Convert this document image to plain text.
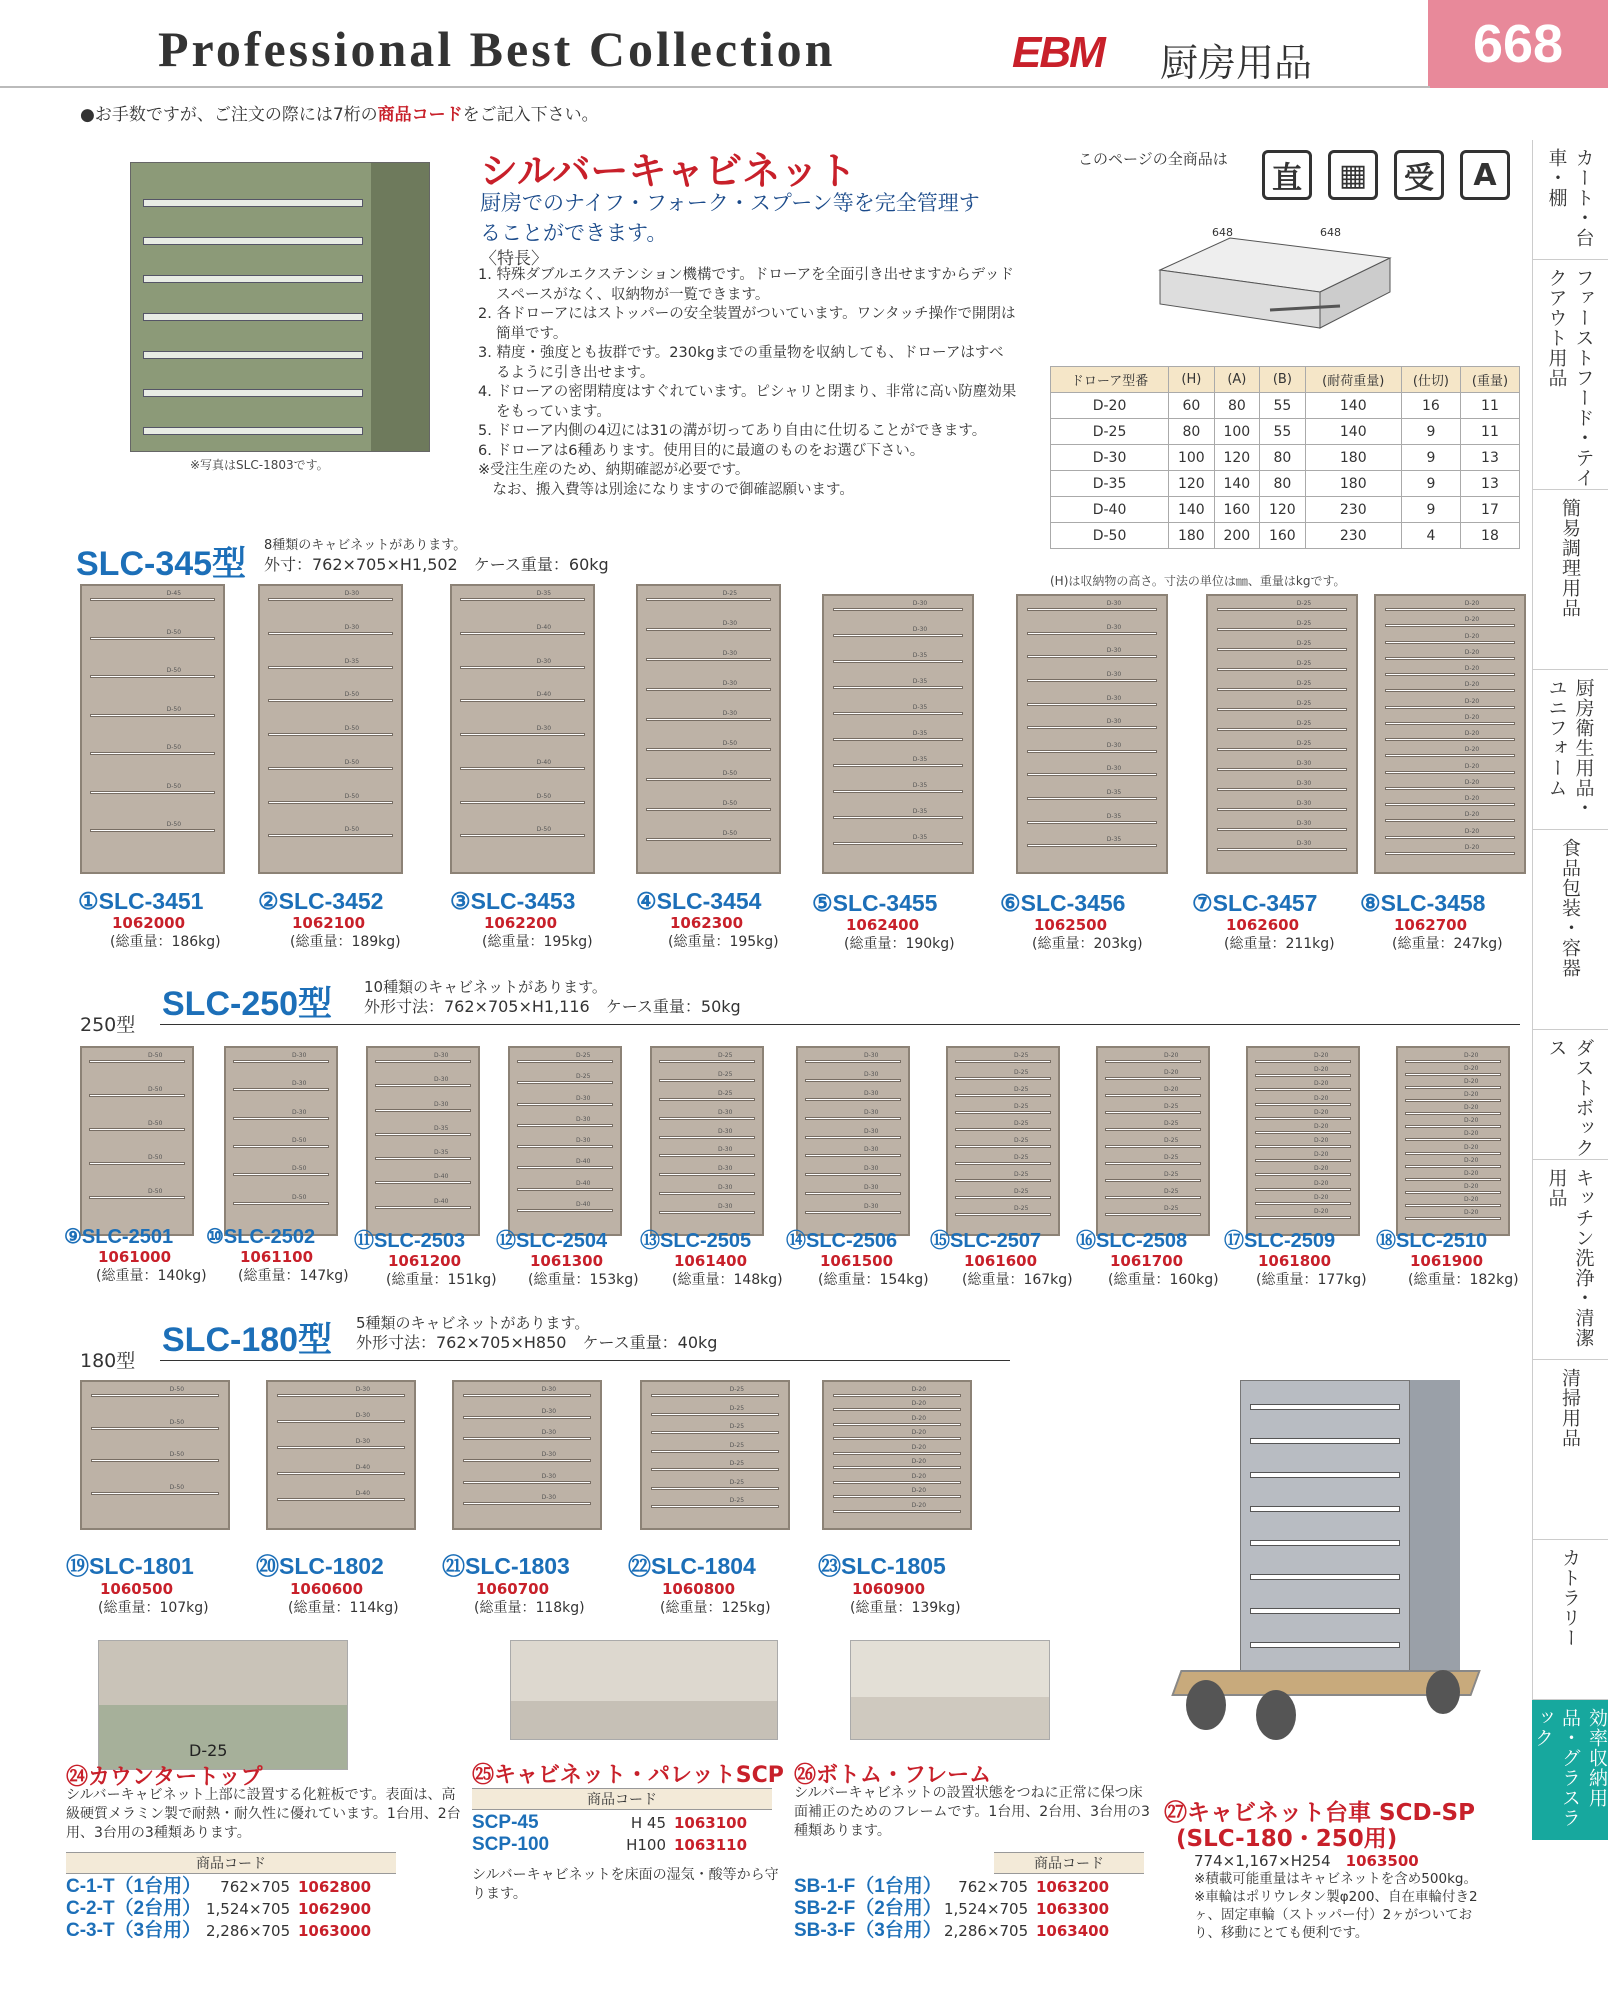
Professional Best Collection	EBM 厨房用品	668
●お手数ですが、ご注文の際には7桁の商品コードをご記入下さい。
カート・台車・棚
ファーストフード・テイクアウト用品
簡易調理用品
厨房衛生用品・ユニフォーム
食品包装・容器
ダストボックス
キッチン洗浄・清潔用品
清掃用品
カトラリー
効率収納用品・グラスラック
※写真はSLC-1803です。
シルバーキャビネット
厨房でのナイフ・フォーク・スプーン等を完全管理することができます。
〈特長〉
1. 特殊ダブルエクステンション機構です。ドローアを全面引き出せますからデッドスペースがなく、収納物が一覧できます。
2. 各ドローアにはストッパーの安全装置がついています。ワンタッチ操作で開閉は簡単です。
3. 精度・強度とも抜群です。230kgまでの重量物を収納しても、ドローアはすべるように引き出せます。
4. ドローアの密閉精度はすぐれています。ピシャリと閉まり、非常に高い防塵効果をもっています。
5. ドローア内側の4辺には31の溝が切ってあり自由に仕切ることができます。
6. ドローアは6種あります。使用目的に最適のものをお選び下さい。
※受注生産のため、納期確認が必要です。
　なお、搬入費等は別途になりますので御確認願います。
このページの全商品は
直	▦	受	A
648	648
ドローア型番	(H)	(A)	(B)	(耐荷重量)	(仕切)	(重量)
D-20	60	80	55	140	16	11
D-25	80	100	55	140	9	11
D-30	100	120	80	180	9	13
D-35	120	140	80	180	9	13
D-40	140	160	120	230	9	17
D-50	180	200	160	230	4	18
(H)は収納物の高さ。寸法の単位は㎜、重量はkgです。
SLC-345型 8種類のキャビネットがあります。
外寸：762×705×H1,502　ケース重量：60kg
250型
SLC-250型 10種類のキャビネットがあります。
外形寸法：762×705×H1,116　ケース重量：50kg
180型
SLC-180型 5種類のキャビネットがあります。
外形寸法：762×705×H850　ケース重量：40kg
D-45
D-50
D-50
D-50
D-50
D-50
D-50
①SLC-3451
1062000
(総重量：186kg)
D-30
D-30
D-35
D-50
D-50
D-50
D-50
D-50
②SLC-3452
1062100
(総重量：189kg)
D-35
D-40
D-30
D-40
D-30
D-40
D-50
D-50
③SLC-3453
1062200
(総重量：195kg)
D-25
D-30
D-30
D-30
D-30
D-50
D-50
D-50
D-50
④SLC-3454
1062300
(総重量：195kg)
D-30
D-30
D-35
D-35
D-35
D-35
D-35
D-35
D-35
D-35
⑤SLC-3455
1062400
(総重量：190kg)
D-30
D-30
D-30
D-30
D-30
D-30
D-30
D-30
D-35
D-35
D-35
⑥SLC-3456
1062500
(総重量：203kg)
D-25
D-25
D-25
D-25
D-25
D-25
D-25
D-25
D-30
D-30
D-30
D-30
D-30
⑦SLC-3457
1062600
(総重量：211kg)
D-20
D-20
D-20
D-20
D-20
D-20
D-20
D-20
D-20
D-20
D-20
D-20
D-20
D-20
D-20
D-20
⑧SLC-3458
1062700
(総重量：247kg)
D-50
D-50
D-50
D-50
D-50
⑨SLC-2501
1061000
(総重量：140kg)
D-30
D-30
D-30
D-50
D-50
D-50
⑩SLC-2502
1061100
(総重量：147kg)
D-30
D-30
D-30
D-35
D-35
D-40
D-40
⑪SLC-2503
1061200
(総重量：151kg)
D-25
D-25
D-30
D-30
D-30
D-40
D-40
D-40
⑫SLC-2504
1061300
(総重量：153kg)
D-25
D-25
D-25
D-30
D-30
D-30
D-30
D-30
D-30
⑬SLC-2505
1061400
(総重量：148kg)
D-30
D-30
D-30
D-30
D-30
D-30
D-30
D-30
D-30
⑭SLC-2506
1061500
(総重量：154kg)
D-25
D-25
D-25
D-25
D-25
D-25
D-25
D-25
D-25
D-25
⑮SLC-2507
1061600
(総重量：167kg)
D-20
D-20
D-20
D-25
D-25
D-25
D-25
D-25
D-25
D-25
⑯SLC-2508
1061700
(総重量：160kg)
D-20
D-20
D-20
D-20
D-20
D-20
D-20
D-20
D-20
D-20
D-20
D-20
⑰SLC-2509
1061800
(総重量：177kg)
D-20
D-20
D-20
D-20
D-20
D-20
D-20
D-20
D-20
D-20
D-20
D-20
D-20
⑱SLC-2510
1061900
(総重量：182kg)
D-50
D-50
D-50
D-50
⑲SLC-1801
1060500
(総重量：107kg)
D-30
D-30
D-30
D-40
D-40
⑳SLC-1802
1060600
(総重量：114kg)
D-30
D-30
D-30
D-30
D-30
D-30
㉑SLC-1803
1060700
(総重量：118kg)
D-25
D-25
D-25
D-25
D-25
D-25
D-25
㉒SLC-1804
1060800
(総重量：125kg)
D-20
D-20
D-20
D-20
D-20
D-20
D-20
D-20
D-20
㉓SLC-1805
1060900
(総重量：139kg)
D-25
㉔カウンタートップ
シルバーキャビネット上部に設置する化粧板です。表面は、高級硬質メラミン製で耐熱・耐久性に優れています。1台用、2台用、3台用の3種類あります。
商品コード
C-1-T（1台用） 762×705 1062800
C-2-T（2台用） 1,524×705 1062900
C-3-T（3台用） 2,286×705 1063000
㉕キャビネット・パレットSCP
商品コード
SCP-45	H 45 1063100
SCP-100	H100 1063110
シルバーキャビネットを床面の湿気・酸等から守ります。
㉖ボトム・フレーム
シルバーキャビネットの設置状態をつねに正常に保つ床面補正のためのフレームです。1台用、2台用、3台用の3種類あります。
商品コード
SB-1-F（1台用） 762×705 1063200
SB-2-F（2台用） 1,524×705 1063300
SB-3-F（3台用） 2,286×705 1063400
㉗キャビネット台車 SCD-SP
(SLC-180・250用)
774×1,167×H254　 1063500
※積載可能重量はキャビネットを含め500kg。
※車輪はポリウレタン製φ200、自在車輪付き2ヶ、固定車輪（ストッパー付）2ヶがついており、移動にとても便利です。
